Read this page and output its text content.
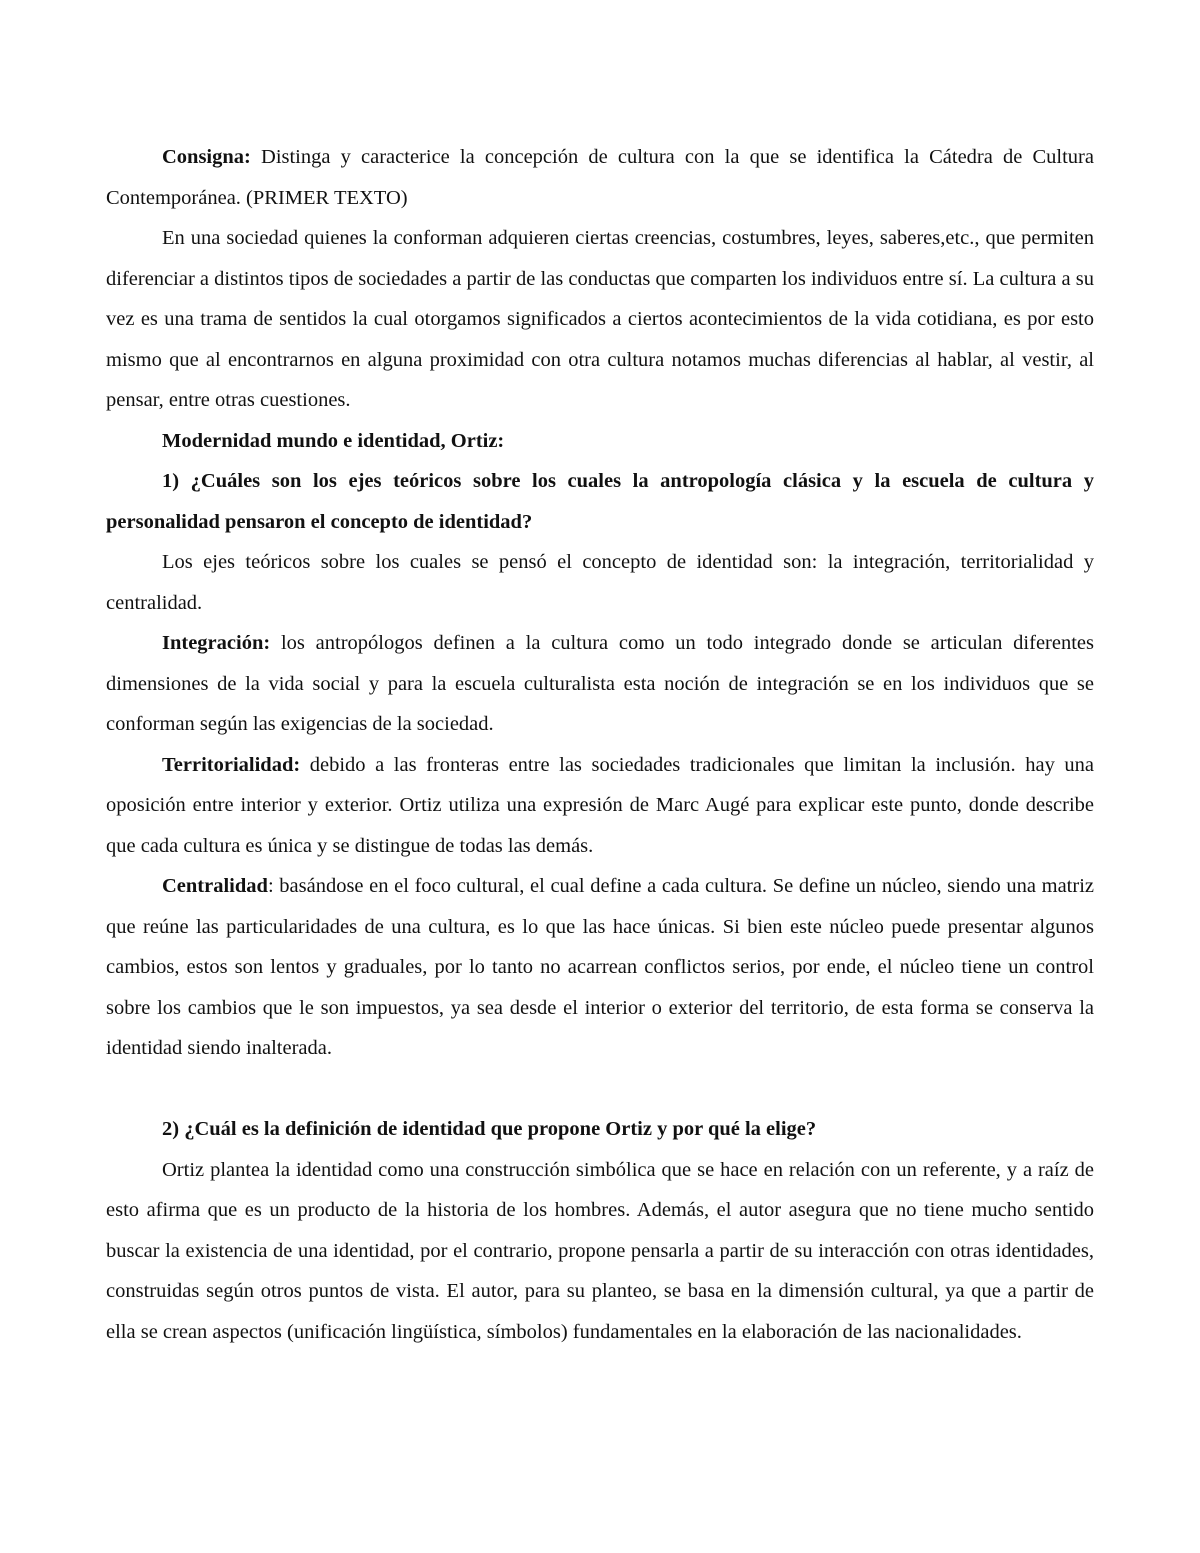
Consigna: Distinga y caracterice la concepción de cultura con la que se identifica la Cátedra de Cultura Contemporánea. (PRIMER TEXTO)

En una sociedad quienes la conforman adquieren ciertas creencias, costumbres, leyes, saberes,etc., que permiten diferenciar a distintos tipos de sociedades a partir de las conductas que comparten los individuos entre sí. La cultura a su vez es una trama de sentidos la cual otorgamos significados a ciertos acontecimientos de la vida cotidiana, es por esto mismo que al encontrarnos en alguna proximidad con otra cultura notamos muchas diferencias al hablar, al vestir, al pensar, entre otras cuestiones.

Modernidad mundo e identidad, Ortiz:

1) ¿Cuáles son los ejes teóricos sobre los cuales la antropología clásica y la escuela de cultura y personalidad pensaron el concepto de identidad?

Los ejes teóricos sobre los cuales se pensó el concepto de identidad son: la integración, territorialidad y centralidad.

Integración: los antropólogos definen a la cultura como un todo integrado donde se articulan diferentes dimensiones de la vida social y para la escuela culturalista esta noción de integración se en los individuos que se conforman según las exigencias de la sociedad.

Territorialidad: debido a las fronteras entre las sociedades tradicionales que limitan la inclusión. hay una oposición entre interior y exterior. Ortiz utiliza una expresión de Marc Augé para explicar este punto, donde describe que cada cultura es única y se distingue de todas las demás.

Centralidad: basándose en el foco cultural, el cual define a cada cultura. Se define un núcleo, siendo una matriz que reúne las particularidades de una cultura, es lo que las hace únicas. Si bien este núcleo puede presentar algunos cambios, estos son lentos y graduales, por lo tanto no acarrean conflictos serios, por ende, el núcleo tiene un control sobre los cambios que le son impuestos, ya sea desde el interior o exterior del territorio, de esta forma se conserva la identidad siendo inalterada.

2) ¿Cuál es la definición de identidad que propone Ortiz y por qué la elige?

Ortiz plantea la identidad como una construcción simbólica que se hace en relación con un referente, y a raíz de esto afirma que es un producto de la historia de los hombres. Además, el autor asegura que no tiene mucho sentido buscar la existencia de una identidad, por el contrario, propone pensarla a partir de su interacción con otras identidades, construidas según otros puntos de vista. El autor, para su planteo, se basa en la dimensión cultural, ya que a partir de ella se crean aspectos (unificación lingüística, símbolos) fundamentales en la elaboración de las nacionalidades.
